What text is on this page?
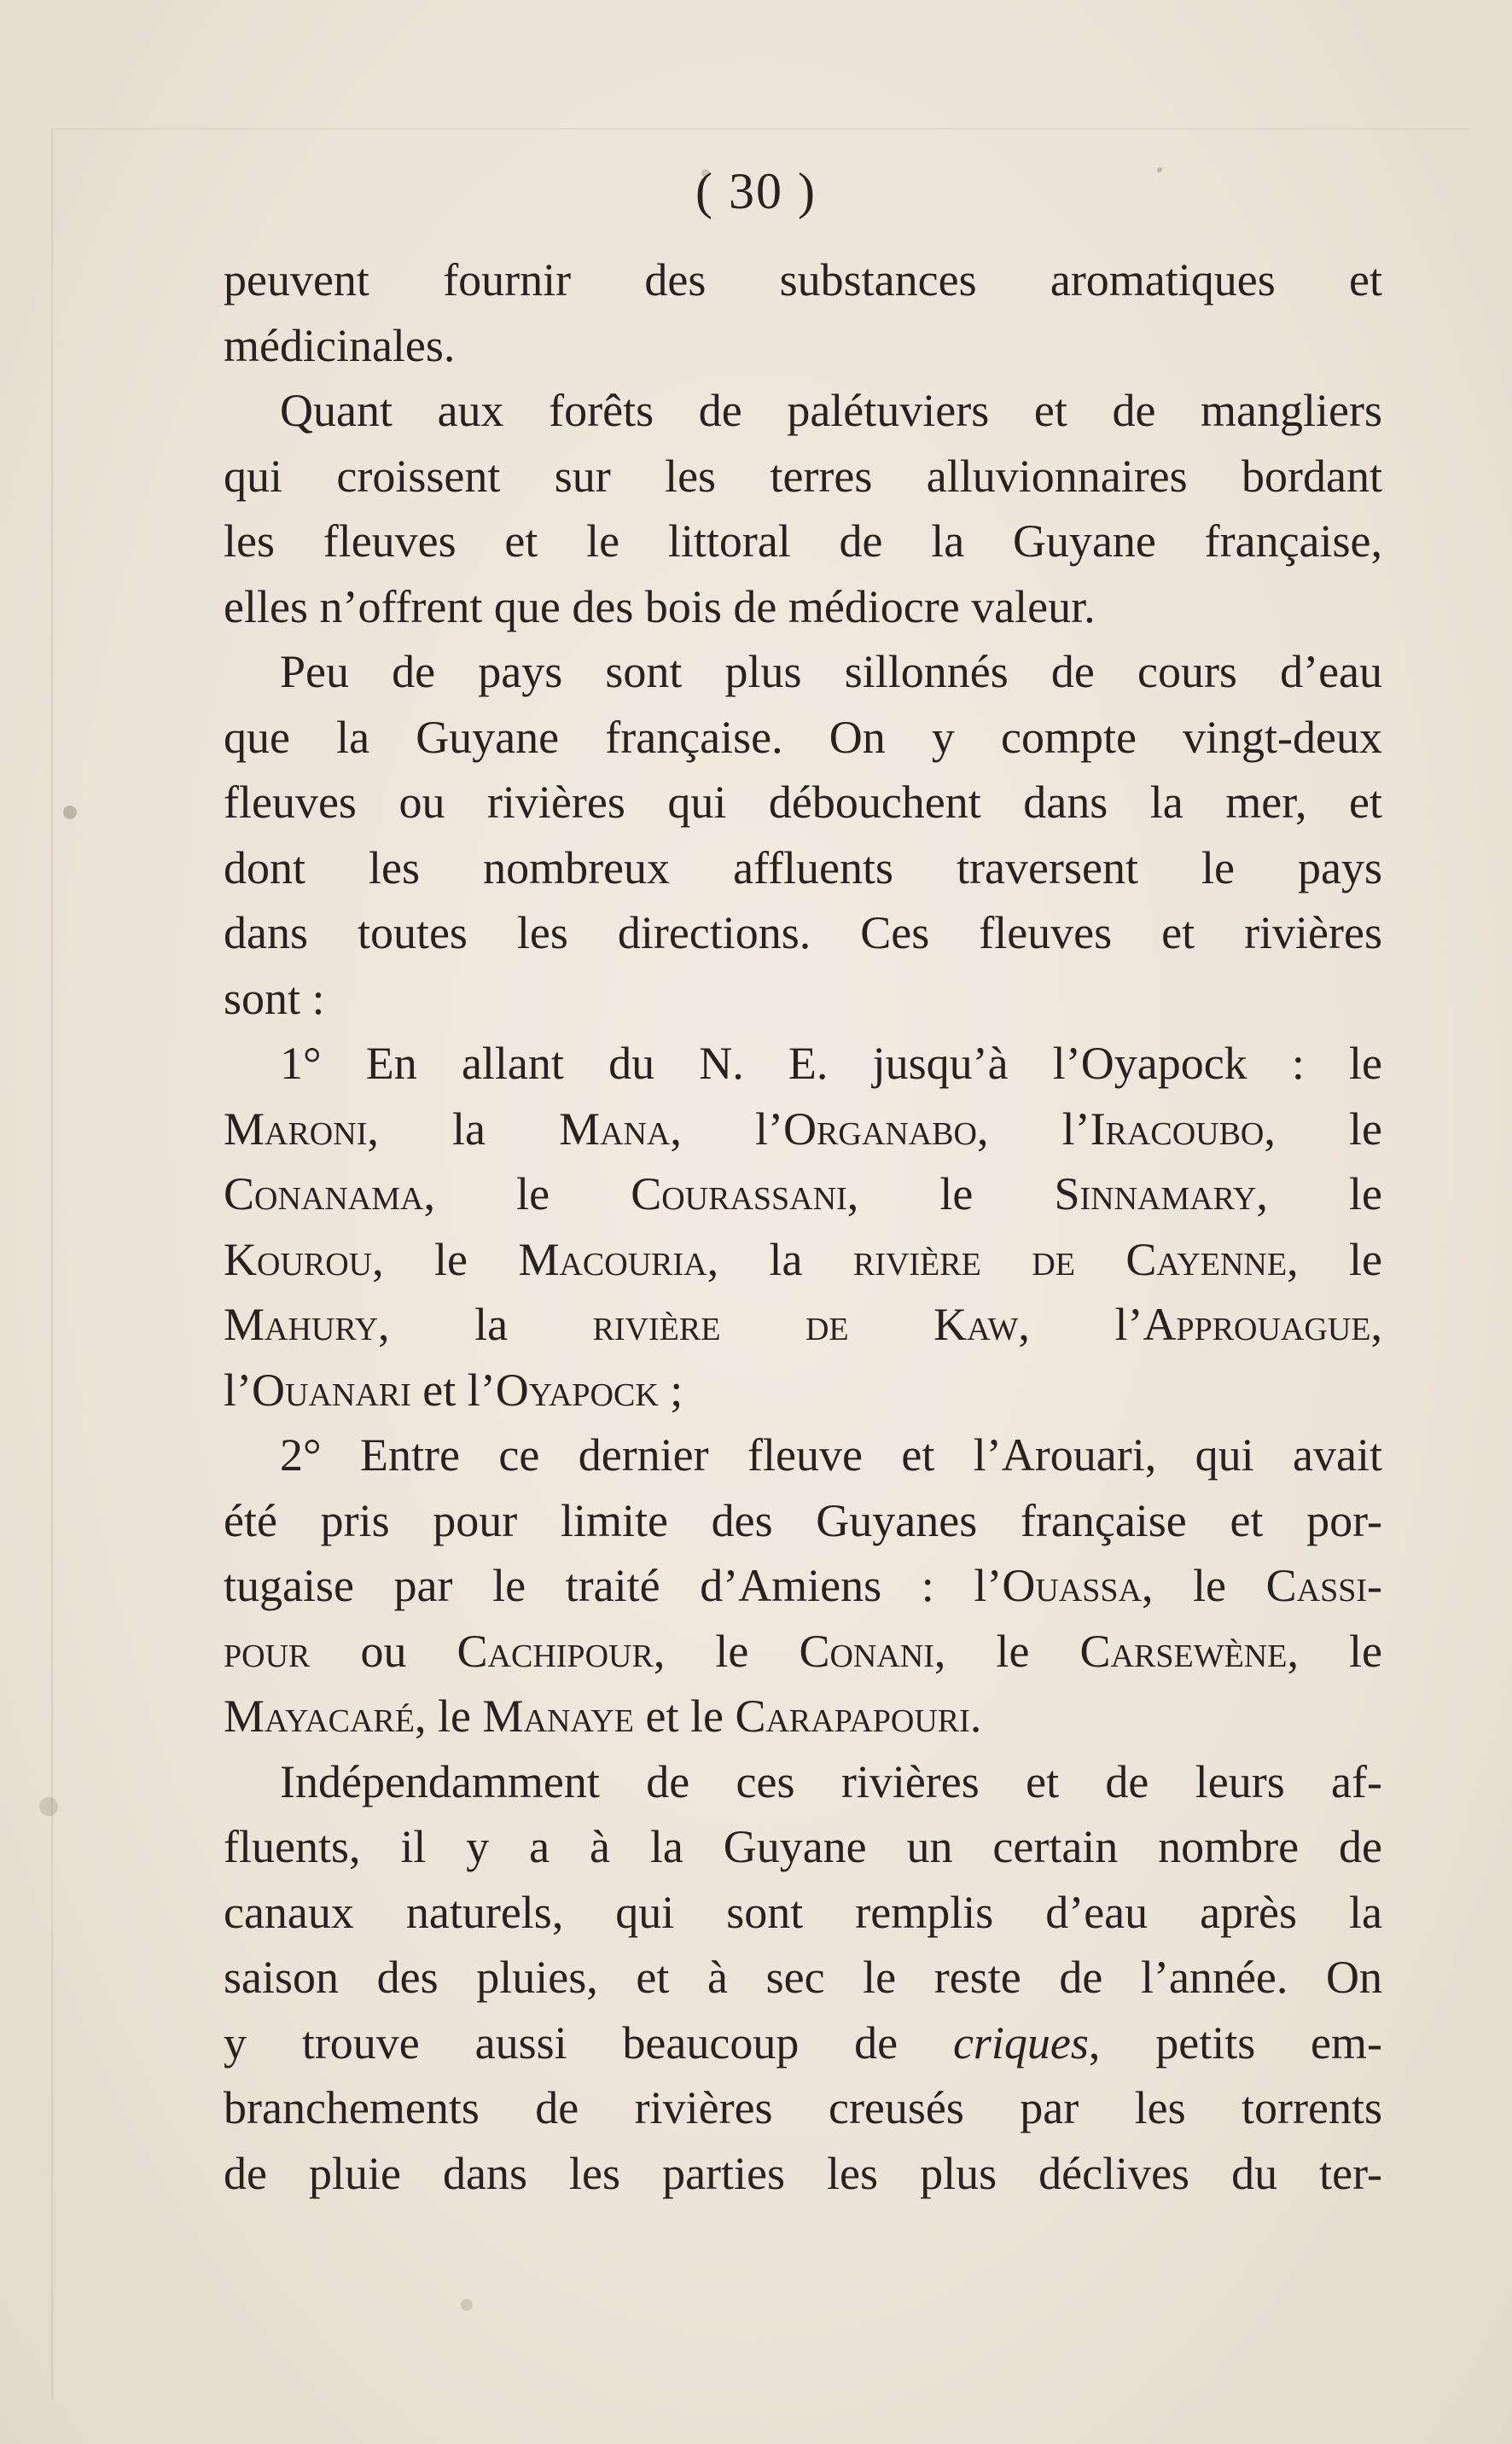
( 30 )
peuvent fournir des substances aromatiques et
médicinales.
Quant aux forêts de palétuviers et de mangliers
qui croissent sur les terres alluvionnaires bordant
les fleuves et le littoral de la Guyane française,
elles n’offrent que des bois de médiocre valeur.
Peu de pays sont plus sillonnés de cours d’eau
que la Guyane française. On y compte vingt-deux
fleuves ou rivières qui débouchent dans la mer, et
dont les nombreux affluents traversent le pays
dans toutes les directions. Ces fleuves et rivières
sont :
1° En allant du N. E. jusqu’à l’Oyapock : le
Maroni, la Mana, l’Organabo, l’Iracoubo, le
Conanama, le Courassani, le Sinnamary, le
Kourou, le Macouria, la rivière de Cayenne, le
Mahury, la rivière de Kaw, l’Approuague,
l’Ouanari et l’Oyapock ;
2° Entre ce dernier fleuve et l’Arouari, qui avait
été pris pour limite des Guyanes française et por-
tugaise par le traité d’Amiens : l’Ouassa, le Cassi-
pour ou Cachipour, le Conani, le Carsewène, le
Mayacaré, le Manaye et le Carapapouri.
Indépendamment de ces rivières et de leurs af-
fluents, il y a à la Guyane un certain nombre de
canaux naturels, qui sont remplis d’eau après la
saison des pluies, et à sec le reste de l’année. On
y trouve aussi beaucoup de criques, petits em-
branchements de rivières creusés par les torrents
de pluie dans les parties les plus déclives du ter-
